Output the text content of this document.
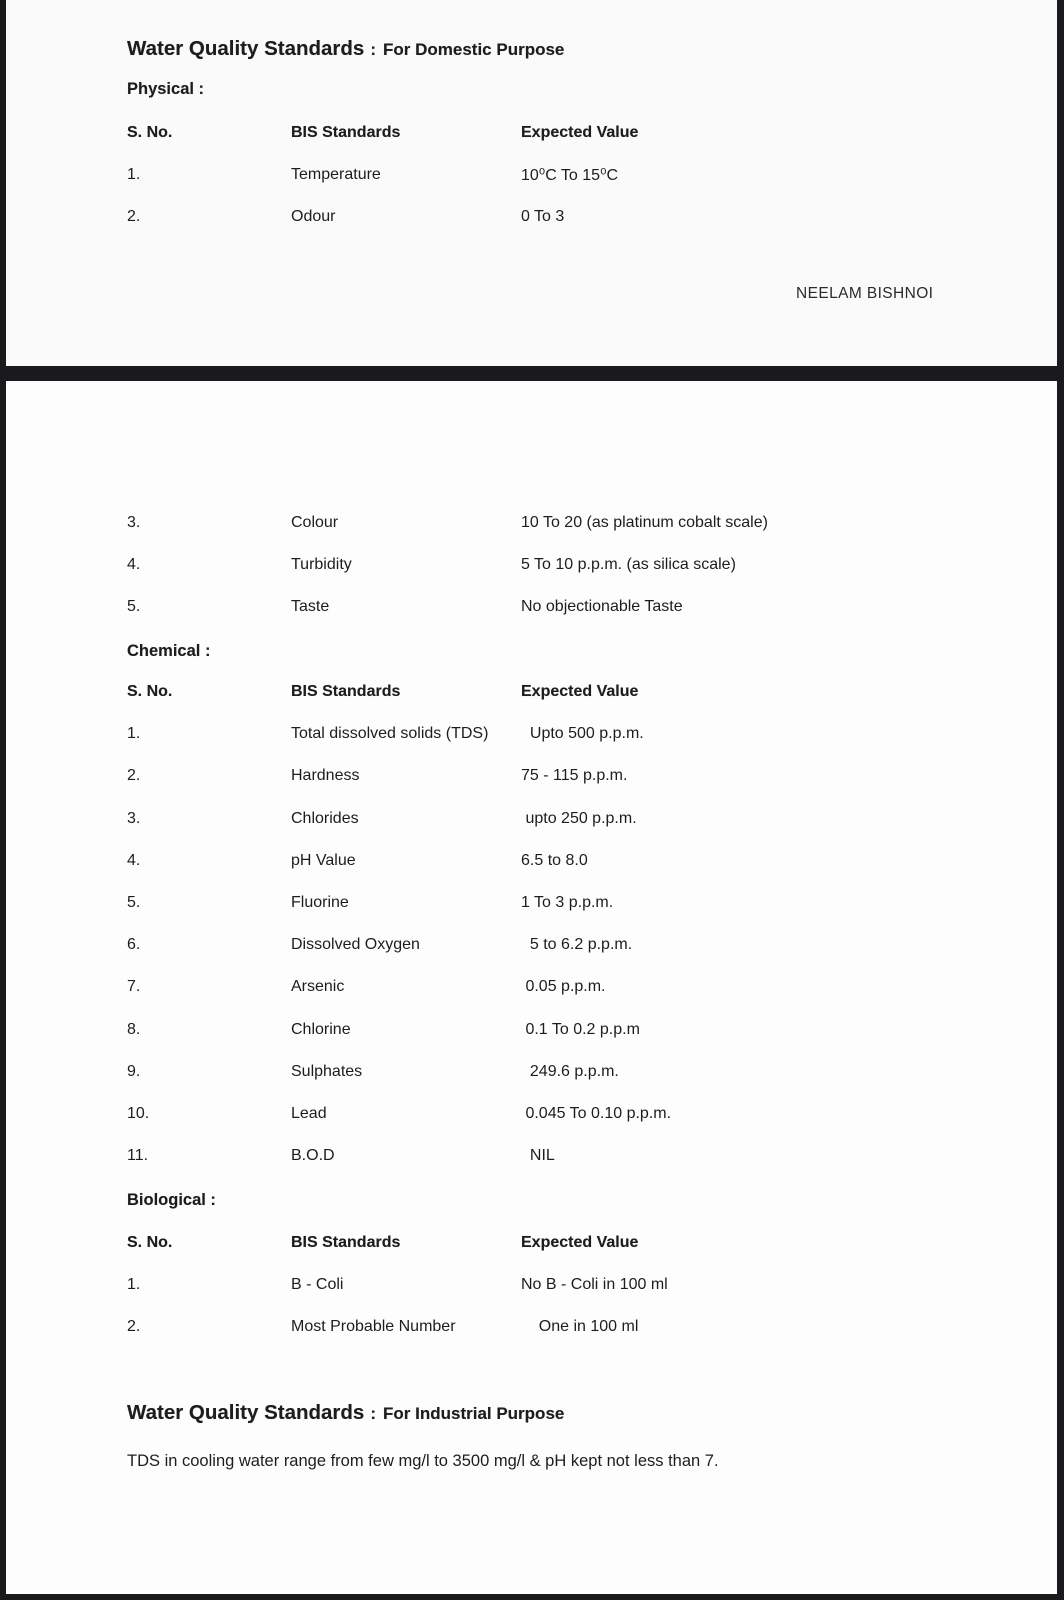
Water Quality Standards : For Domestic Purpose
Physical :
S. No.	BIS Standards	Expected Value
1.	Temperature	10⁰C To 15⁰C
2.	Odour	0 To 3
NEELAM BISHNOI
3.	Colour	10 To 20 (as platinum cobalt scale)
4.	Turbidity	5 To 10 p.p.m. (as silica scale)
5.	Taste	No objectionable Taste
Chemical :
S. No.	BIS Standards	Expected Value
1.	Total dissolved solids (TDS)	Upto 500 p.p.m.
2.	Hardness	75 - 115 p.p.m.
3.	Chlorides	upto 250 p.p.m.
4.	pH Value	6.5 to 8.0
5.	Fluorine	1 To 3 p.p.m.
6.	Dissolved Oxygen	5 to 6.2 p.p.m.
7.	Arsenic	0.05 p.p.m.
8.	Chlorine	0.1 To 0.2 p.p.m
9.	Sulphates	249.6 p.p.m.
10.	Lead	0.045 To 0.10 p.p.m.
11.	B.O.D	NIL
Biological :
S. No.	BIS Standards	Expected Value
1.	B - Coli	No B - Coli in 100 ml
2.	Most Probable Number	One in 100 ml
Water Quality Standards : For Industrial Purpose
TDS in cooling water range from few mg/l to 3500 mg/l & pH kept not less than 7.
